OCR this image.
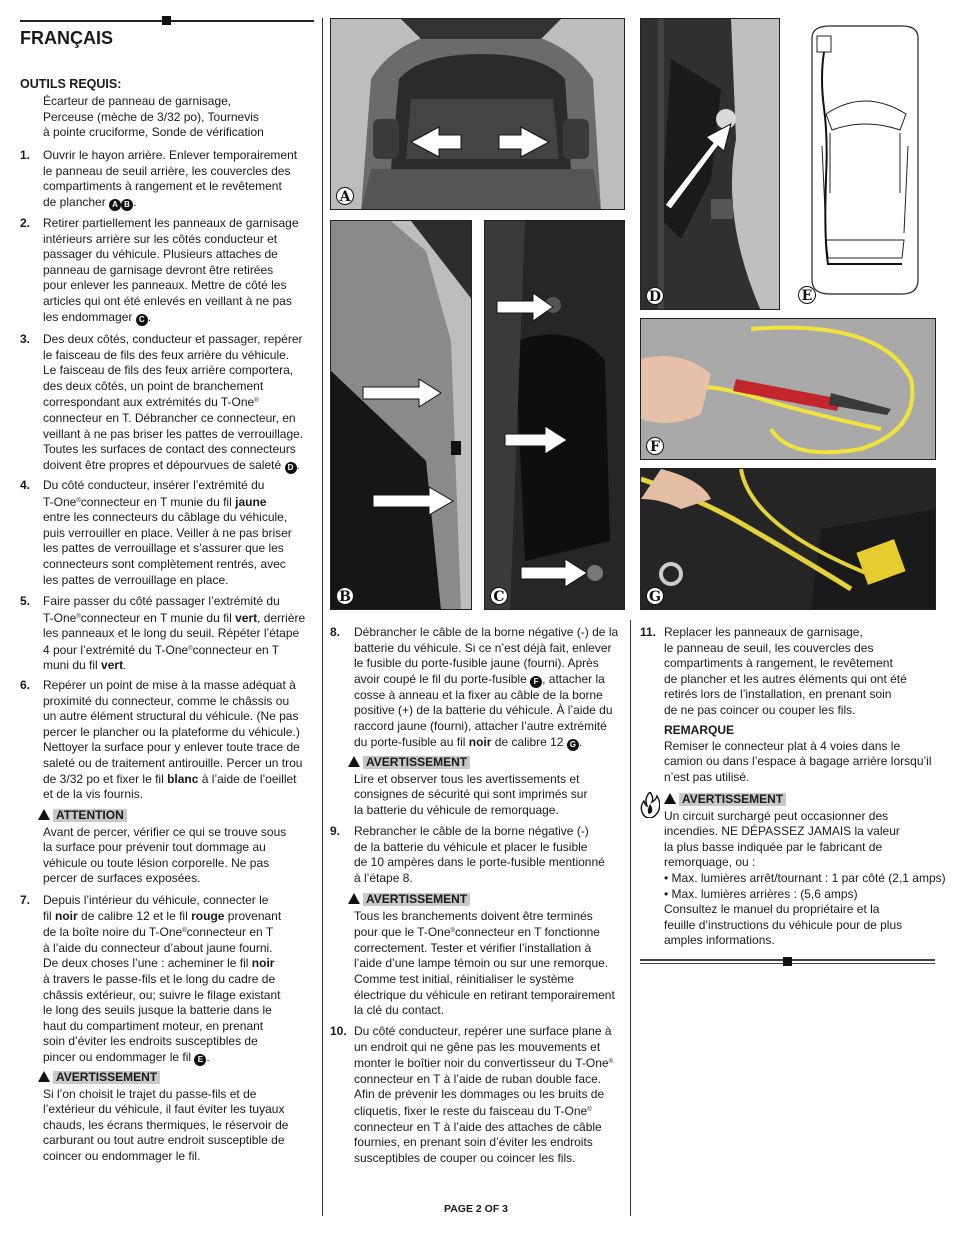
FRANÇAIS
OUTILS REQUIS:

Écarteur de panneau de garnisage,

Perceuse (mèche de 3/32 po), Tournevis

à pointe cruciforme, Sonde de vérification

1. Ouvrir le hayon arrière. Enlever temporairement

le panneau de seuil arrière, les couvercles des

compartiments à rangement et le revêtement

de plancher A B .

2. Retirer partiellement les panneaux de garnisage

intérieurs arrière sur les côtés conducteur et

passager du véhicule. Plusieurs attaches de

panneau de garnisage devront être retirées

pour enlever les panneaux. Mettre de côté les

articles qui ont été enlevés en veillant à ne pas

les endommager C .

3. Des deux côtés, conducteur et passager, repérer

le faisceau de fils des feux arrière du véhicule.

Le faisceau de fils des feux arrière comportera,

des deux côtés, un point de branchement

correspondant aux extrémités du T-One®

connecteur en T. Débrancher ce connecteur, en

veillant à ne pas briser les pattes de verrouillage.

Toutes les surfaces de contact des connecteurs

doivent être propres et dépourvues de saleté D .

4. Du côté conducteur, insérer l’extrémité du

T-One®connecteur en T munie du fil jaune

entre les connecteurs du câblage du véhicule,

puis verrouiller en place. Veiller à ne pas briser

les pattes de verrouillage et s’assurer que les

connecteurs sont complètement rentrés, avec

les pattes de verrouillage en place.

5. Faire passer du côté passager l’extrémité du

T-One®connecteur en T munie du fil vert, derrière

les panneaux et le long du seuil. Répéter l’étape

4 pour l’extrémité du T-One®connecteur en T

muni du fil vert.

6. Repérer un point de mise à la masse adéquat à

proximité du connecteur, comme le châssis ou

un autre élément structural du véhicule. (Ne pas

percer le plancher ou la plateforme du véhicule.)

Nettoyer la surface pour y enlever toute trace de

saleté ou de traitement antirouille. Percer un trou

de 3/32 po et fixer le fil blanc à l’aide de l’oeillet

et de la vis fournis.

ATTENTION

Avant de percer, vérifier ce qui se trouve sous

la surface pour prévenir tout dommage au

véhicule ou toute lésion corporelle. Ne pas

percer de surfaces exposées.

7. Depuis l’intérieur du véhicule, connecter le

fil noir de calibre 12 et le fil rouge provenant

de la boîte noire du T-One®connecteur en T

à l’aide du connecteur d’about jaune fourni.

De deux choses l’une : acheminer le fil noir

à travers le passe-fils et le long du cadre de

châssis extérieur, ou; suivre le filage existant

le long des seuils jusque la batterie dans le

haut du compartiment moteur, en prenant

soin d’éviter les endroits susceptibles de

pincer ou endommager le fil E .

AVERTISSEMENT

Si l’on choisit le trajet du passe-fils et de

l’extérieur du véhicule, il faut éviter les tuyaux

chauds, les écrans thermiques, le réservoir de

carburant ou tout autre endroit susceptible de

coincer ou endommager le fil.

A
D	E
B	C
F
G
8. Débrancher le câble de la borne négative (-) de la

batterie du véhicule. Si ce n’est déjà fait, enlever

le fusible du porte-fusible jaune (fourni). Après

avoir coupé le fil du porte-fusible F , attacher la

cosse à anneau et la fixer au câble de la borne

positive (+) de la batterie du véhicule. À l’aide du

raccord jaune (fourni), attacher l’autre extrémité

du porte-fusible au fil noir de calibre 12 G .

AVERTISSEMENT

Lire et observer tous les avertissements et

consignes de sécurité qui sont imprimés sur

la batterie du véhicule de remorquage.

9. Rebrancher le câble de la borne négative (-)

de la batterie du véhicule et placer le fusible

de 10 ampères dans le porte-fusible mentionné

à l’étape 8.

AVERTISSEMENT

Tous les branchements doivent être terminés

pour que le T-One®connecteur en T fonctionne

correctement. Tester et vérifier l’installation à

l’aide d’une lampe témoin ou sur une remorque.

Comme test initial, réinitialiser le système

électrique du véhicule en retirant temporairement

la clé du contact.

10. Du côté conducteur, repérer une surface plane à

un endroit qui ne gêne pas les mouvements et

monter le boîtier noir du convertisseur du T-One®

connecteur en T à l’aide de ruban double face.

Afin de prévenir les dommages ou les bruits de

cliquetis, fixer le reste du faisceau du T-One®

connecteur en T à l’aide des attaches de câble

fournies, en prenant soin d’éviter les endroits

susceptibles de couper ou coincer les fils.

11. Replacer les panneaux de garnisage,

le panneau de seuil, les couvercles des

compartiments à rangement, le revêtement

de plancher et les autres éléments qui ont été

retirés lors de l’installation, en prenant soin

de ne pas coincer ou couper les fils.

REMARQUE

Remiser le connecteur plat à 4 voies dans le

camion ou dans l’espace à bagage arrière lorsqu’il

n’est pas utilisé.

AVERTISSEMENT

Un circuit surchargé peut occasionner des

incendies. NE DÉPASSEZ JAMAIS la valeur

la plus basse indiquée par le fabricant de

remorquage, ou :

• Max. lumières arrêt/tournant : 1 par côté (2,1 amps)

• Max. lumières arrières : (5,6 amps)

Consultez le manuel du propriétaire et la

feuille d’instructions du véhicule pour de plus

amples informations.

PAGE 2 OF 3
